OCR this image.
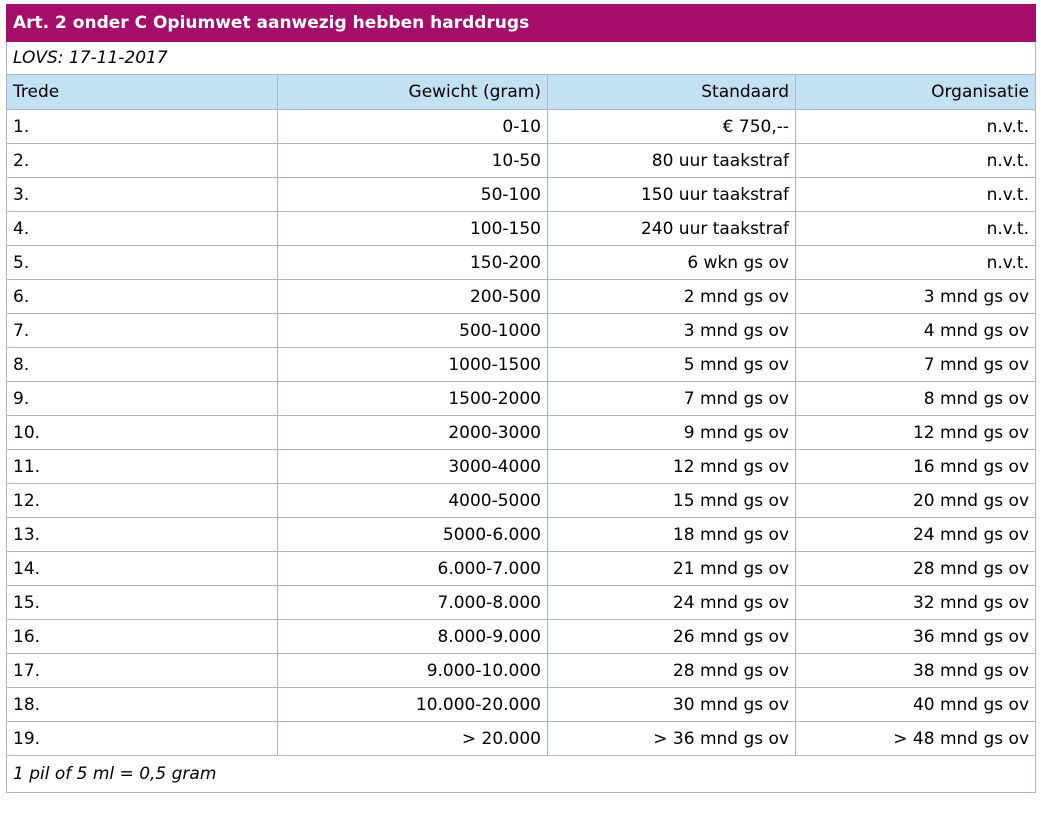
Art. 2 onder C Opiumwet aanwezig hebben harddrugs			
LOVS: 17-11-2017			
Trede	Gewicht (gram)	Standaard	Organisatie
1.	0-10	€ 750,--	n.v.t.
2.	10-50	80 uur taakstraf	n.v.t.
3.	50-100	150 uur taakstraf	n.v.t.
4.	100-150	240 uur taakstraf	n.v.t.
5.	150-200	6 wkn gs ov	n.v.t.
6.	200-500	2 mnd gs ov	3 mnd gs ov
7.	500-1000	3 mnd gs ov	4 mnd gs ov
8.	1000-1500	5 mnd gs ov	7 mnd gs ov
9.	1500-2000	7 mnd gs ov	8 mnd gs ov
10.	2000-3000	9 mnd gs ov	12 mnd gs ov
11.	3000-4000	12 mnd gs ov	16 mnd gs ov
12.	4000-5000	15 mnd gs ov	20 mnd gs ov
13.	5000-6.000	18 mnd gs ov	24 mnd gs ov
14.	6.000-7.000	21 mnd gs ov	28 mnd gs ov
15.	7.000-8.000	24 mnd gs ov	32 mnd gs ov
16.	8.000-9.000	26 mnd gs ov	36 mnd gs ov
17.	9.000-10.000	28 mnd gs ov	38 mnd gs ov
18.	10.000-20.000	30 mnd gs ov	40 mnd gs ov
19.	> 20.000	> 36 mnd gs ov	> 48 mnd gs ov
1 pil of 5 ml = 0,5 gram			
